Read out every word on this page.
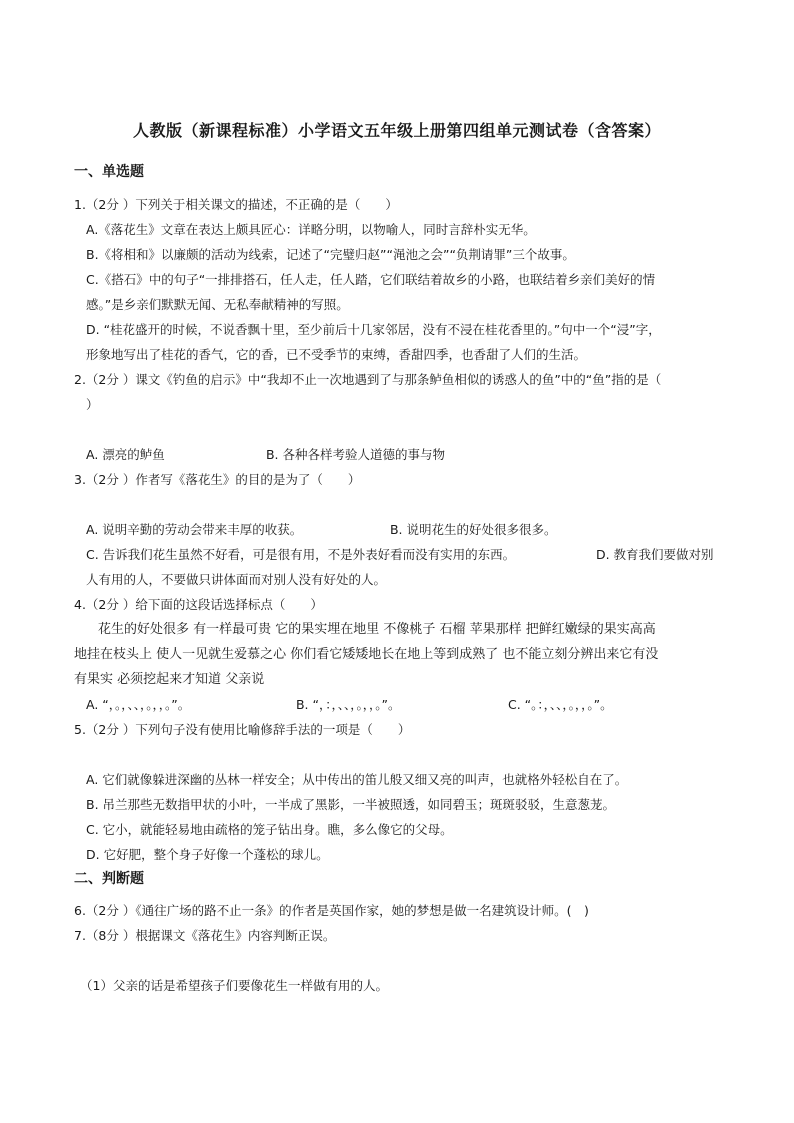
人教版（新课程标准）小学语文五年级上册第四组单元测试卷（含答案）
一、单选题
1.（2分 ）下列关于相关课文的描述，不正确的是（　　）
A.《落花生》文章在表达上颇具匠心：详略分明，以物喻人，同时言辞朴实无华。
B.《将相和》以廉颇的活动为线索，记述了“完璧归赵”“渑池之会”“负荆请罪”三个故事。
C.《搭石》中的句子“一排排搭石，任人走，任人踏，它们联结着故乡的小路，也联结着乡亲们美好的情
感。”是乡亲们默默无闻、无私奉献精神的写照。
D. “桂花盛开的时候，不说香飘十里，至少前后十几家邻居，没有不浸在桂花香里的。”句中一个“浸”字，
形象地写出了桂花的香气，它的香，已不受季节的束缚，香甜四季，也香甜了人们的生活。
2.（2分 ）课文《钓鱼的启示》中“我却不止一次地遇到了与那条鲈鱼相似的诱惑人的鱼”中的“鱼”指的是（
）
A. 漂亮的鲈鱼	B. 各种各样考验人道德的事与物
3.（2分 ）作者写《落花生》的目的是为了（　　）
A. 说明辛勤的劳动会带来丰厚的收获。	B. 说明花生的好处很多很多。
C. 告诉我们花生虽然不好看，可是很有用，不是外表好看而没有实用的东西。	D. 教育我们要做对别
人有用的人，不要做只讲体面而对别人没有好处的人。
4.（2分 ）给下面的这段话选择标点（　　）
花生的好处很多 有一样最可贵 它的果实埋在地里 不像桃子 石榴 苹果那样 把鲜红嫩绿的果实高高
地挂在枝头上 使人一见就生爱慕之心 你们看它矮矮地长在地上等到成熟了 也不能立刻分辨出来它有没
有果实 必须挖起来才知道 父亲说
A. “，。，、、，。，，。”。	B. “，：，、、，。，，。”。	C. “。：，、、，。，，。”。
5.（2分 ）下列句子没有使用比喻修辞手法的一项是（　　）
A. 它们就像躲进深幽的丛林一样安全；从中传出的笛儿般又细又亮的叫声，也就格外轻松自在了。
B. 吊兰那些无数指甲状的小叶，一半成了黑影，一半被照透，如同碧玉；斑斑驳驳，生意葱茏。
C. 它小，就能轻易地由疏格的笼子钻出身。瞧，多么像它的父母。
D. 它好肥，整个身子好像一个蓬松的球儿。
二、判断题
6.（2分 ）《通往广场的路不止一条》的作者是英国作家，她的梦想是做一名建筑设计师。(　)
7.（8分 ）根据课文《落花生》内容判断正误。
（1）父亲的话是希望孩子们要像花生一样做有用的人。
